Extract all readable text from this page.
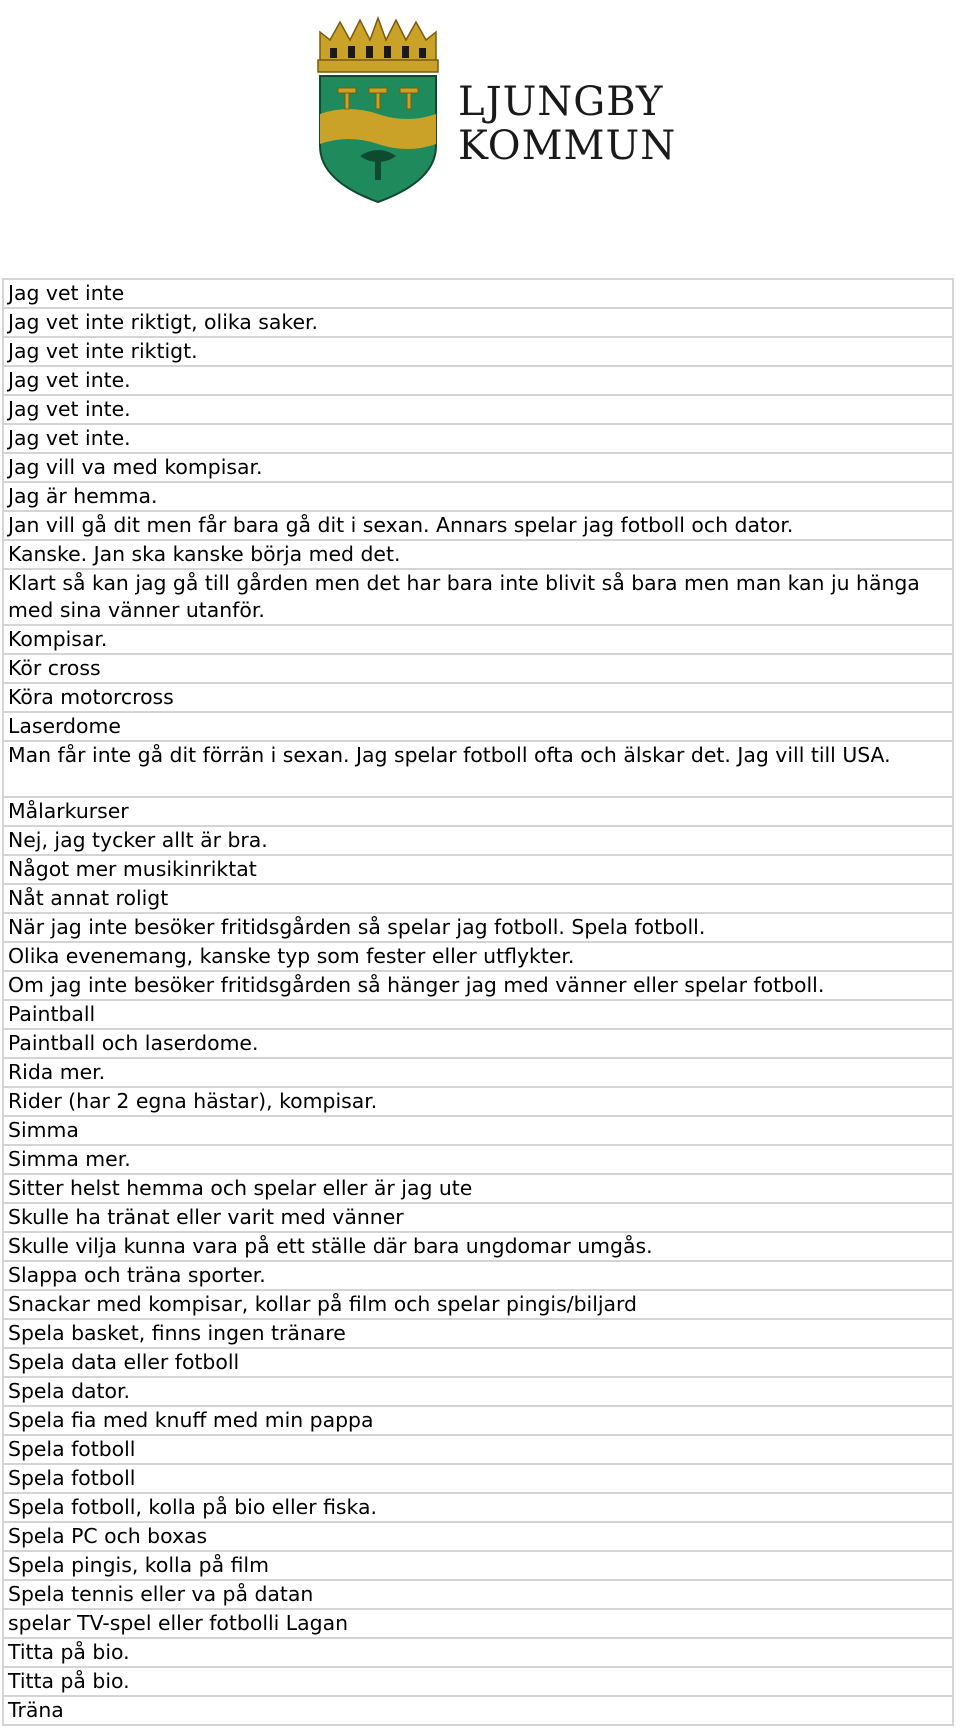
LJUNGBY
KOMMUN
Jag vet inte
Jag vet inte riktigt, olika saker.
Jag vet inte riktigt.
Jag vet inte.
Jag vet inte.
Jag vet inte.
Jag vill va med kompisar.
Jag är hemma.
Jan vill gå dit men får bara gå dit i sexan. Annars spelar jag fotboll och dator.
Kanske. Jan ska kanske börja med det.
Klart så kan jag gå till gården men det har bara inte blivit så bara men man kan ju hänga med sina vänner utanför.
Kompisar.
Kör cross
Köra motorcross
Laserdome
Man får inte gå dit förrän i sexan. Jag spelar fotboll ofta och älskar det. Jag vill till USA.
Målarkurser
Nej, jag tycker allt är bra.
Något mer musikinriktat
Nåt annat roligt
När jag inte besöker fritidsgården så spelar jag fotboll. Spela fotboll.
Olika evenemang, kanske typ som fester eller utflykter.
Om jag inte besöker fritidsgården så hänger jag med vänner eller spelar fotboll.
Paintball
Paintball och laserdome.
Rida mer.
Rider (har 2 egna hästar), kompisar.
Simma
Simma mer.
Sitter helst hemma och spelar eller är jag ute
Skulle ha tränat eller varit med vänner
Skulle vilja kunna vara på ett ställe där bara ungdomar umgås.
Slappa och träna sporter.
Snackar med kompisar, kollar på film och spelar pingis/biljard
Spela basket, finns ingen tränare
Spela data eller fotboll
Spela dator.
Spela fia med knuff med min pappa
Spela fotboll
Spela fotboll
Spela fotboll, kolla på bio eller fiska.
Spela PC och boxas
Spela pingis, kolla på film
Spela tennis eller va på datan
spelar TV-spel eller fotbolli Lagan
Titta på bio.
Titta på bio.
Träna
